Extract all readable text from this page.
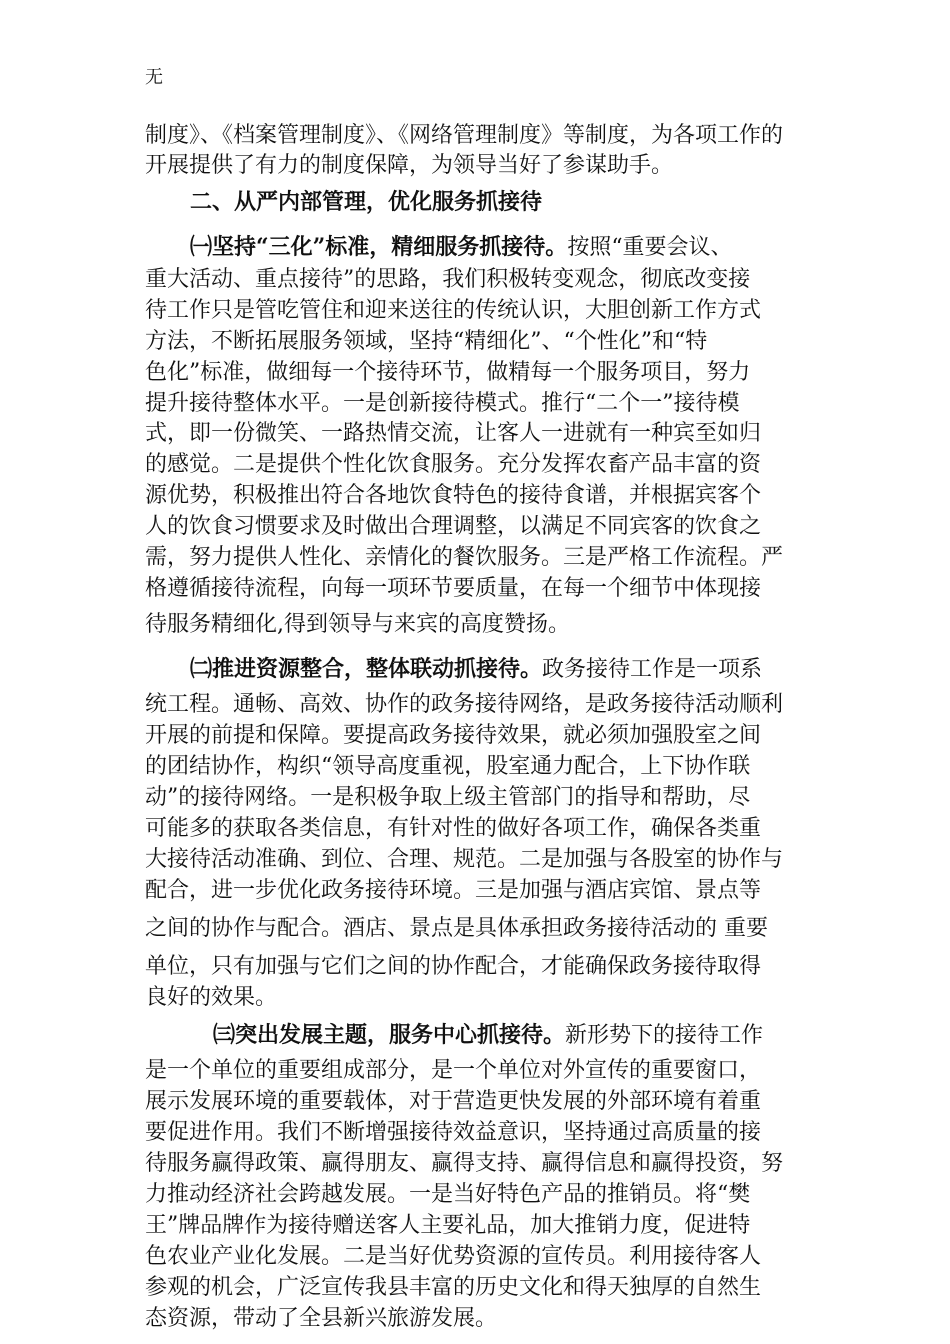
无
制度》、《档案管理制度》、《网络管理制度》等制度，为各项工作的
开展提供了有力的制度保障，为领导当好了参谋助手。
二、从严内部管理，优化服务抓接待
㈠坚持“三化”标准，精细服务抓接待。按照“重要会议、
重大活动、重点接待”的思路，我们积极转变观念，彻底改变接
待工作只是管吃管住和迎来送往的传统认识，大胆创新工作方式
方法，不断拓展服务领域，坚持“精细化”、“个性化”和“特
色化”标准，做细每一个接待环节，做精每一个服务项目，努力
提升接待整体水平。一是创新接待模式。推行“二个一”接待模
式，即一份微笑、一路热情交流，让客人一进就有一种宾至如归
的感觉。二是提供个性化饮食服务。充分发挥农畜产品丰富的资
源优势，积极推出符合各地饮食特色的接待食谱，并根据宾客个
人的饮食习惯要求及时做出合理调整，以满足不同宾客的饮食之
需，努力提供人性化、亲情化的餐饮服务。三是严格工作流程。严
格遵循接待流程，向每一项环节要质量，在每一个细节中体现接
待服务精细化,得到领导与来宾的高度赞扬。
㈡推进资源整合，整体联动抓接待。政务接待工作是一项系
统工程。通畅、高效、协作的政务接待网络，是政务接待活动顺利
开展的前提和保障。要提高政务接待效果，就必须加强股室之间
的团结协作，构织“领导高度重视，股室通力配合，上下协作联
动”的接待网络。一是积极争取上级主管部门的指导和帮助，尽
可能多的获取各类信息，有针对性的做好各项工作，确保各类重
大接待活动准确、到位、合理、规范。二是加强与各股室的协作与
配合，进一步优化政务接待环境。三是加强与酒店宾馆、景点等
之间的协作与配合。酒店、景点是具体承担政务接待活动的 重要
单位，只有加强与它们之间的协作配合，才能确保政务接待取得
良好的效果。
㈢突出发展主题，服务中心抓接待。新形势下的接待工作
是一个单位的重要组成部分，是一个单位对外宣传的重要窗口，
展示发展环境的重要载体，对于营造更快发展的外部环境有着重
要促进作用。我们不断增强接待效益意识，坚持通过高质量的接
待服务赢得政策、赢得朋友、赢得支持、赢得信息和赢得投资，努
力推动经济社会跨越发展。一是当好特色产品的推销员。将“樊
王”牌品牌作为接待赠送客人主要礼品，加大推销力度，促进特
色农业产业化发展。二是当好优势资源的宣传员。利用接待客人
参观的机会，广泛宣传我县丰富的历史文化和得天独厚的自然生
态资源，带动了全县新兴旅游发展。
